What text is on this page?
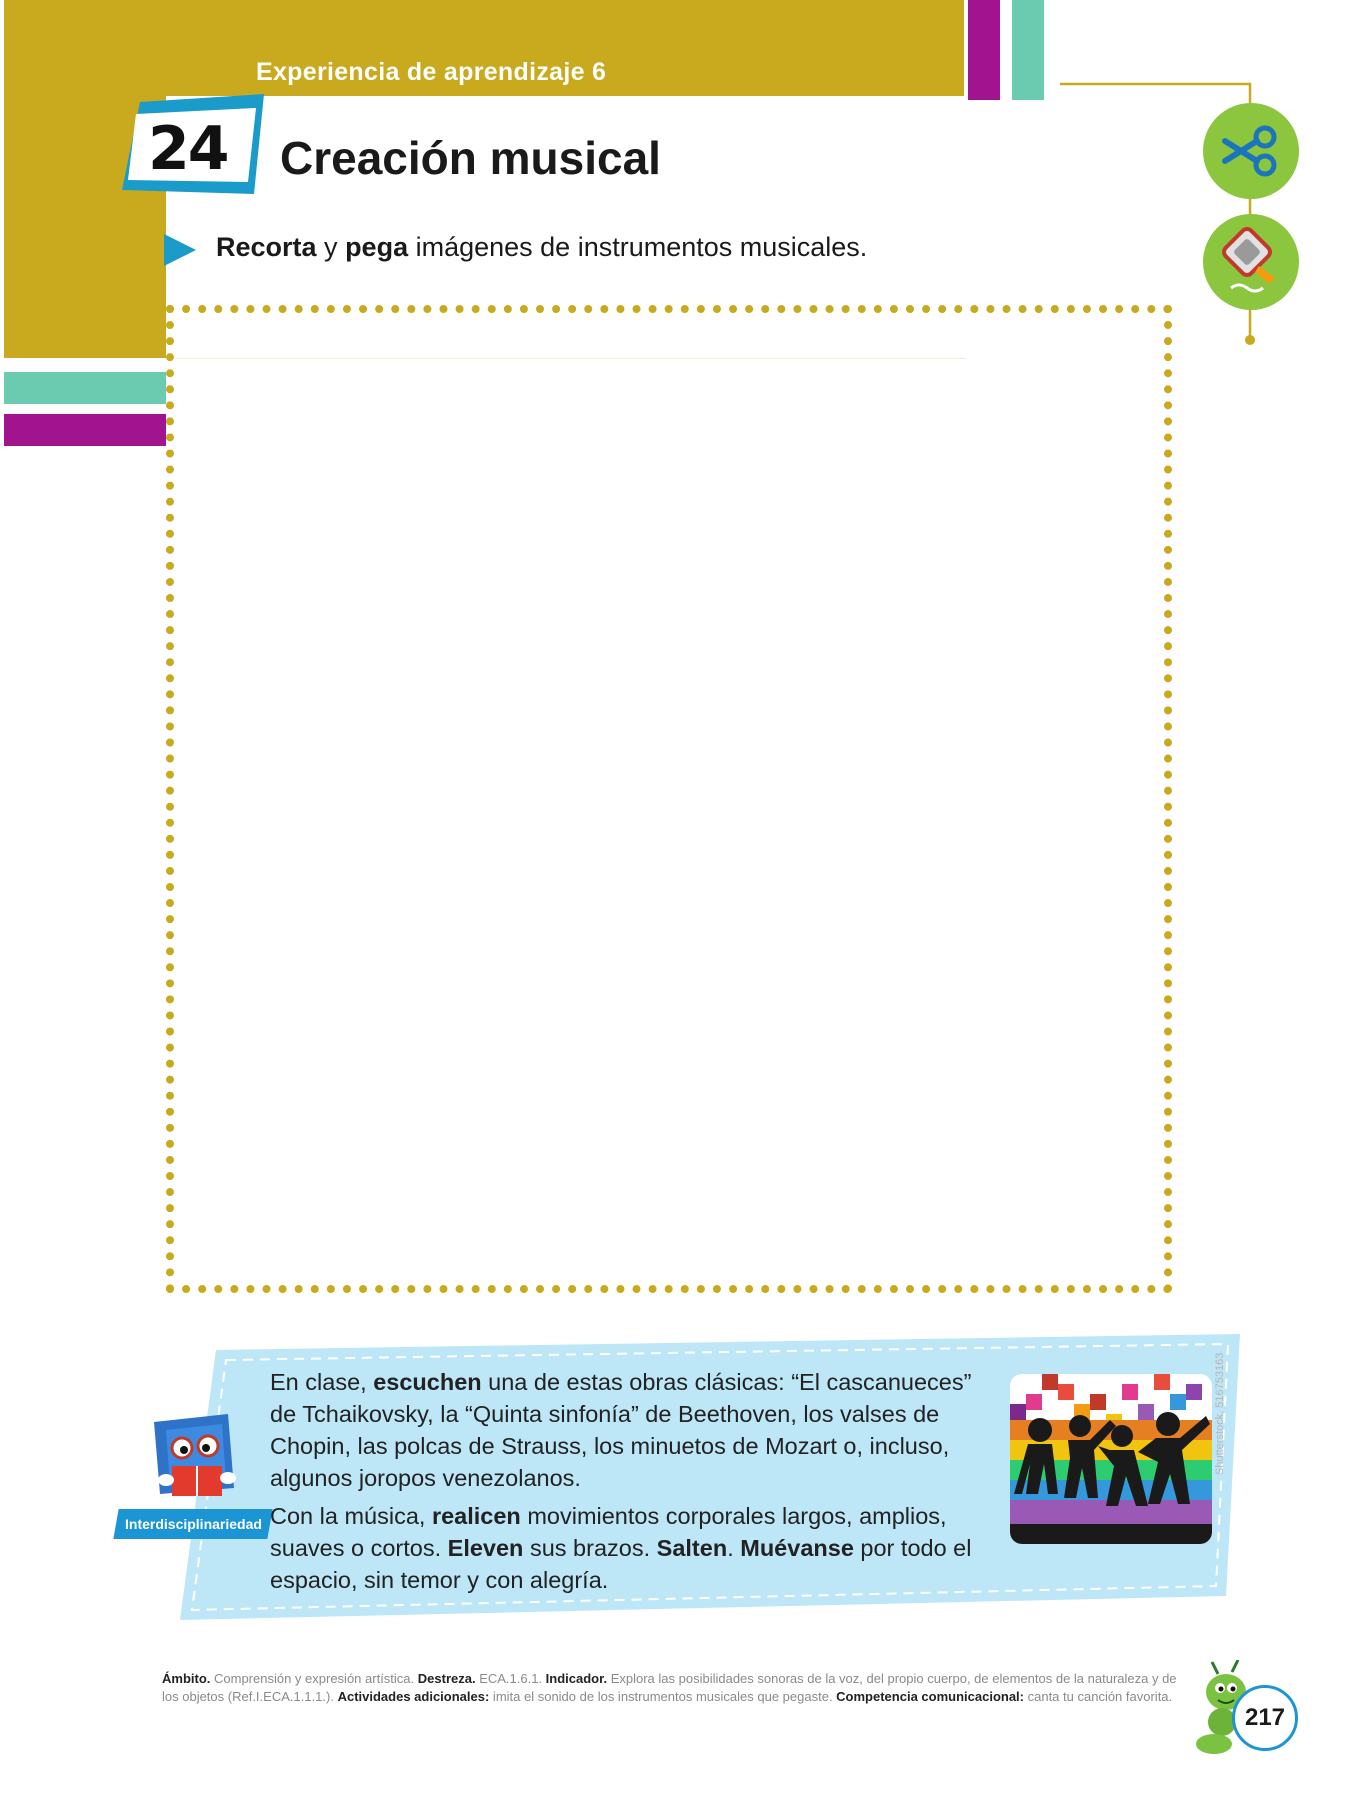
Experiencia de aprendizaje 6
24 Creación musical
Recorta y pega imágenes de instrumentos musicales.
Interdisciplinariedad

En clase, escuchen una de estas obras clásicas: “El cascanueces” de Tchaikovsky, la “Quinta sinfonía” de Beethoven, los valses de Chopin, las polcas de Strauss, los minuetos de Mozart o, incluso, algunos joropos venezolanos.

Con la música, realicen movimientos corporales largos, amplios, suaves o cortos. Eleven sus brazos. Salten. Muévanse por todo el espacio, sin temor y con alegría.

Shutterstock, 516753163
Ámbito. Comprensión y expresión artística. Destreza. ECA.1.6.1. Indicador. Explora las posibilidades sonoras de la voz, del propio cuerpo, de elementos de la naturaleza y de los objetos (Ref.I.ECA.1.1.1.). Actividades adicionales: imita el sonido de los instrumentos musicales que pegaste. Competencia comunicacional: canta tu canción favorita.
217
